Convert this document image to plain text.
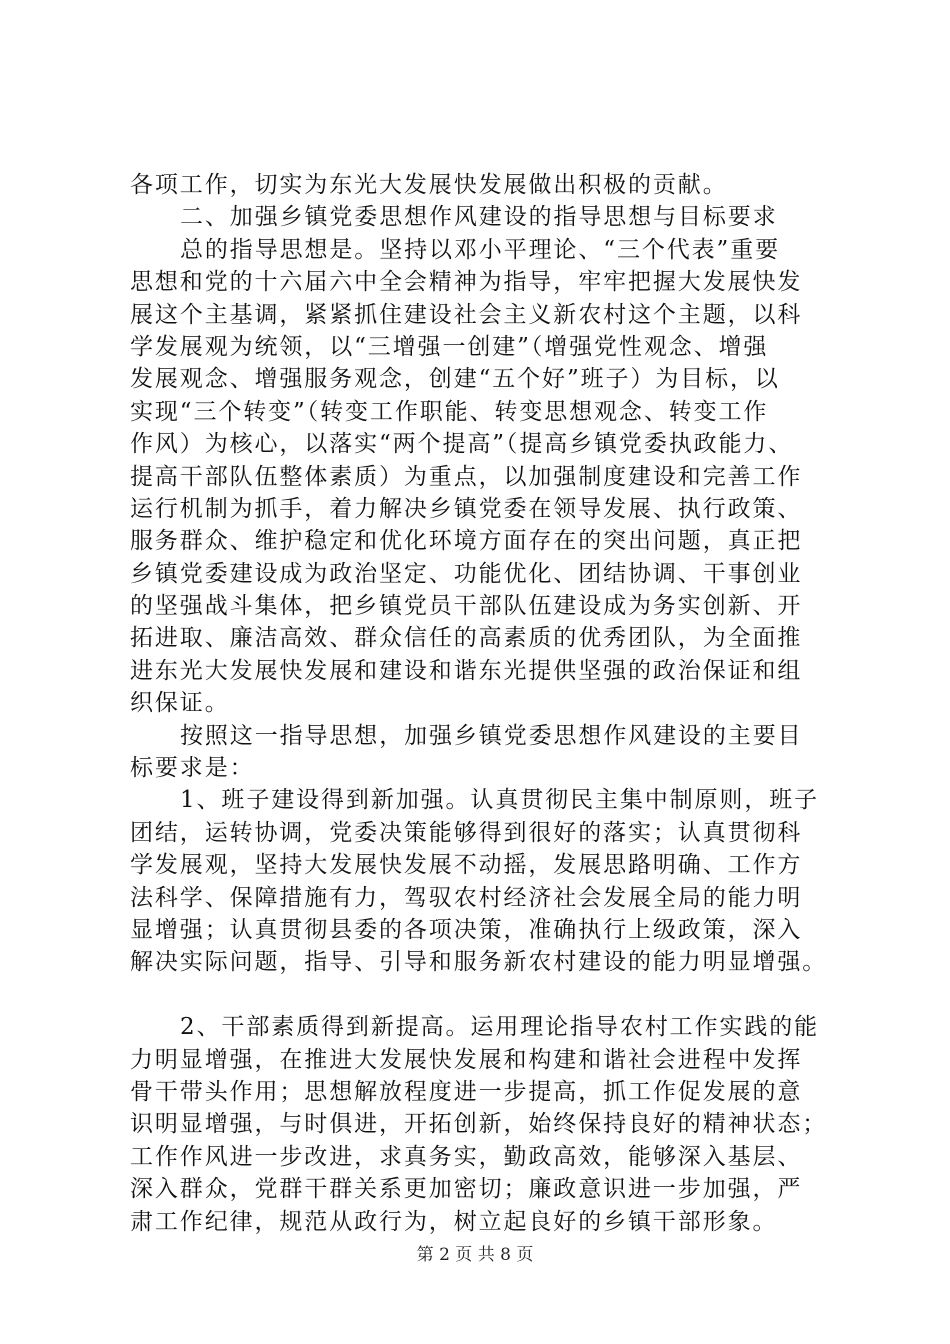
各项工作，切实为东光大发展快发展做出积极的贡献。
二、加强乡镇党委思想作风建设的指导思想与目标要求
总的指导思想是。坚持以邓小平理论、“三个代表”重要
思想和党的十六届六中全会精神为指导，牢牢把握大发展快发
展这个主基调，紧紧抓住建设社会主义新农村这个主题，以科
学发展观为统领，以“三增强一创建”（增强党性观念、增强
发展观念、增强服务观念，创建“五个好”班子）为目标，以
实现“三个转变”（转变工作职能、转变思想观念、转变工作
作风）为核心，以落实“两个提高”（提高乡镇党委执政能力、
提高干部队伍整体素质）为重点，以加强制度建设和完善工作
运行机制为抓手，着力解决乡镇党委在领导发展、执行政策、
服务群众、维护稳定和优化环境方面存在的突出问题，真正把
乡镇党委建设成为政治坚定、功能优化、团结协调、干事创业
的坚强战斗集体，把乡镇党员干部队伍建设成为务实创新、开
拓进取、廉洁高效、群众信任的高素质的优秀团队，为全面推
进东光大发展快发展和建设和谐东光提供坚强的政治保证和组
织保证。
按照这一指导思想，加强乡镇党委思想作风建设的主要目
标要求是：
1、班子建设得到新加强。认真贯彻民主集中制原则，班子
团结，运转协调，党委决策能够得到很好的落实；认真贯彻科
学发展观，坚持大发展快发展不动摇，发展思路明确、工作方
法科学、保障措施有力，驾驭农村经济社会发展全局的能力明
显增强；认真贯彻县委的各项决策，准确执行上级政策，深入
解决实际问题，指导、引导和服务新农村建设的能力明显增强。
2、干部素质得到新提高。运用理论指导农村工作实践的能
力明显增强，在推进大发展快发展和构建和谐社会进程中发挥
骨干带头作用；思想解放程度进一步提高，抓工作促发展的意
识明显增强，与时俱进，开拓创新，始终保持良好的精神状态；
工作作风进一步改进，求真务实，勤政高效，能够深入基层、
深入群众，党群干群关系更加密切；廉政意识进一步加强，严
肃工作纪律，规范从政行为，树立起良好的乡镇干部形象。
第 2 页 共 8 页
